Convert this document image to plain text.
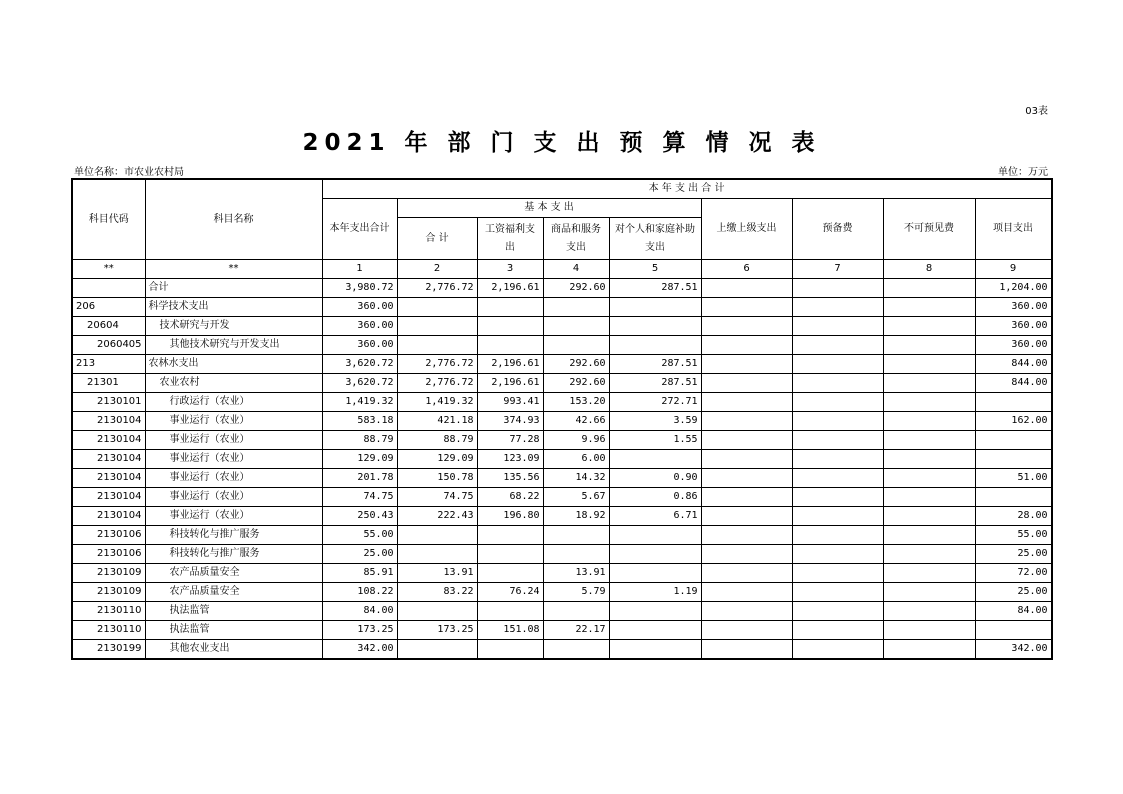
03表
2021 年 部 门 支 出 预 算 情 况 表
单位名称：市农业农村局	单位：万元
科目代码	科目名称	本 年 支 出 合 计								
		本年支出合计	基 本 支 出				上缴上级支出	预备费	不可预见费	项目支出
			合 计	工资福利支出	商品和服务支出	对个人和家庭补助支出				
**	**	1	2	3	4	5	6	7	8	9
	合计	3,980.72	2,776.72	2,196.61	292.60	287.51				1,204.00
206	科学技术支出	360.00								360.00
20604	技术研究与开发	360.00								360.00
2060405	其他技术研究与开发支出	360.00								360.00
213	农林水支出	3,620.72	2,776.72	2,196.61	292.60	287.51				844.00
21301	农业农村	3,620.72	2,776.72	2,196.61	292.60	287.51				844.00
2130101	行政运行（农业）	1,419.32	1,419.32	993.41	153.20	272.71				
2130104	事业运行（农业）	583.18	421.18	374.93	42.66	3.59				162.00
2130104	事业运行（农业）	88.79	88.79	77.28	9.96	1.55				
2130104	事业运行（农业）	129.09	129.09	123.09	6.00					
2130104	事业运行（农业）	201.78	150.78	135.56	14.32	0.90				51.00
2130104	事业运行（农业）	74.75	74.75	68.22	5.67	0.86				
2130104	事业运行（农业）	250.43	222.43	196.80	18.92	6.71				28.00
2130106	科技转化与推广服务	55.00								55.00
2130106	科技转化与推广服务	25.00								25.00
2130109	农产品质量安全	85.91	13.91		13.91					72.00
2130109	农产品质量安全	108.22	83.22	76.24	5.79	1.19				25.00
2130110	执法监管	84.00								84.00
2130110	执法监管	173.25	173.25	151.08	22.17					
2130199	其他农业支出	342.00								342.00
